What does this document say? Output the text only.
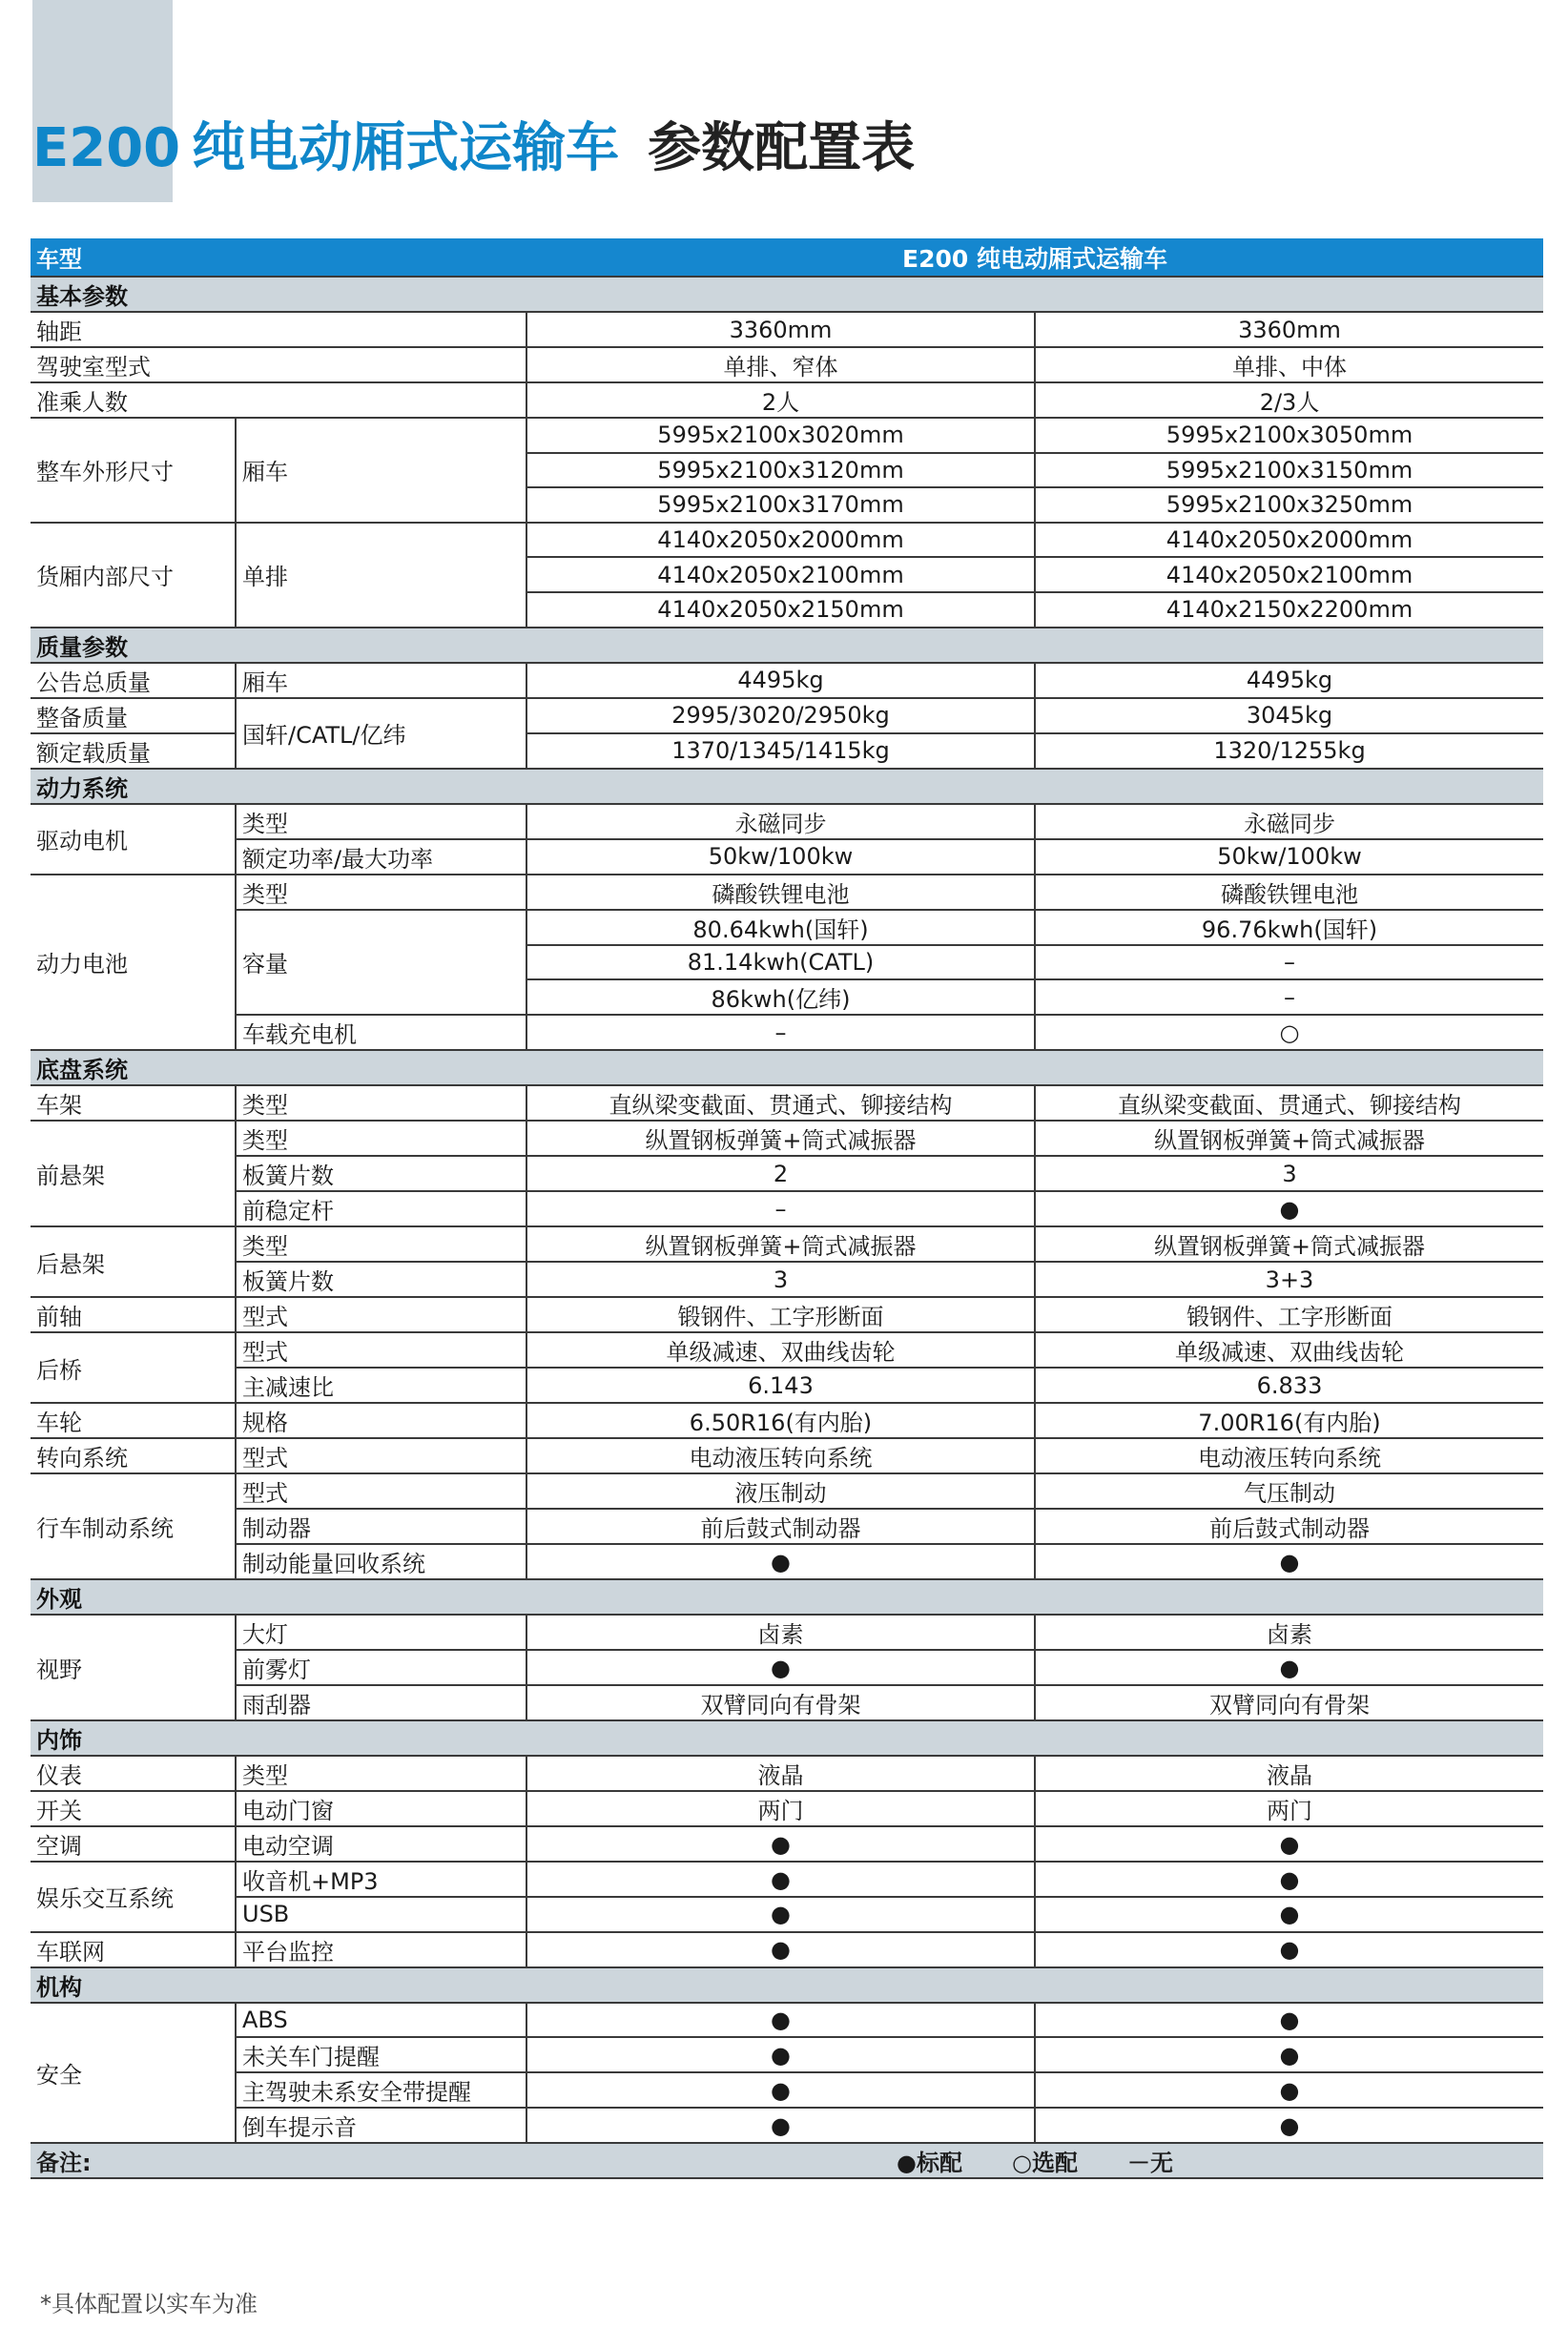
E200 纯电动厢式运输车 参数配置表
车型		E200 纯电动厢式运输车	
基本参数			
轴距		3360mm	3360mm
驾驶室型式		单排、窄体	单排、中体
准乘人数		2人	2/3人
整车外形尺寸	厢车	5995x2100x3020mm	5995x2100x3050mm
		5995x2100x3120mm	5995x2100x3150mm
		5995x2100x3170mm	5995x2100x3250mm
货厢内部尺寸	单排	4140x2050x2000mm	4140x2050x2000mm
		4140x2050x2100mm	4140x2050x2100mm
		4140x2050x2150mm	4140x2150x2200mm
质量参数			
公告总质量	厢车	4495kg	4495kg
整备质量	国轩/CATL/亿纬	2995/3020/2950kg	3045kg
额定载质量		1370/1345/1415kg	1320/1255kg
动力系统			
驱动电机	类型	永磁同步	永磁同步
	额定功率/最大功率	50kw/100kw	50kw/100kw
动力电池	类型	磷酸铁锂电池	磷酸铁锂电池
	容量	80.64kwh(国轩)	96.76kwh(国轩)
		81.14kwh(CATL)	–
		86kwh(亿纬)	–
	车载充电机	–	○
底盘系统			
车架	类型	直纵梁变截面、贯通式、铆接结构	直纵梁变截面、贯通式、铆接结构
前悬架	类型	纵置钢板弹簧+筒式减振器	纵置钢板弹簧+筒式减振器
	板簧片数	2	3
	前稳定杆	–	●
后悬架	类型	纵置钢板弹簧+筒式减振器	纵置钢板弹簧+筒式减振器
	板簧片数	3	3+3
前轴	型式	锻钢件、工字形断面	锻钢件、工字形断面
后桥	型式	单级减速、双曲线齿轮	单级减速、双曲线齿轮
	主减速比	6.143	6.833
车轮	规格	6.50R16(有内胎)	7.00R16(有内胎)
转向系统	型式	电动液压转向系统	电动液压转向系统
行车制动系统	型式	液压制动	气压制动
	制动器	前后鼓式制动器	前后鼓式制动器
	制动能量回收系统	●	●
外观			
视野	大灯	卤素	卤素
	前雾灯	●	●
	雨刮器	双臂同向有骨架	双臂同向有骨架
内饰			
仪表	类型	液晶	液晶
开关	电动门窗	两门	两门
空调	电动空调	●	●
娱乐交互系统	收音机+MP3	●	●
	USB	●	●
车联网	平台监控	●	●
机构			
安全	ABS	●	●
	未关车门提醒	●	●
	主驾驶未系安全带提醒	●	●
	倒车提示音	●	●
备注:		●标配 ○选配 －无	

*具体配置以实车为准
